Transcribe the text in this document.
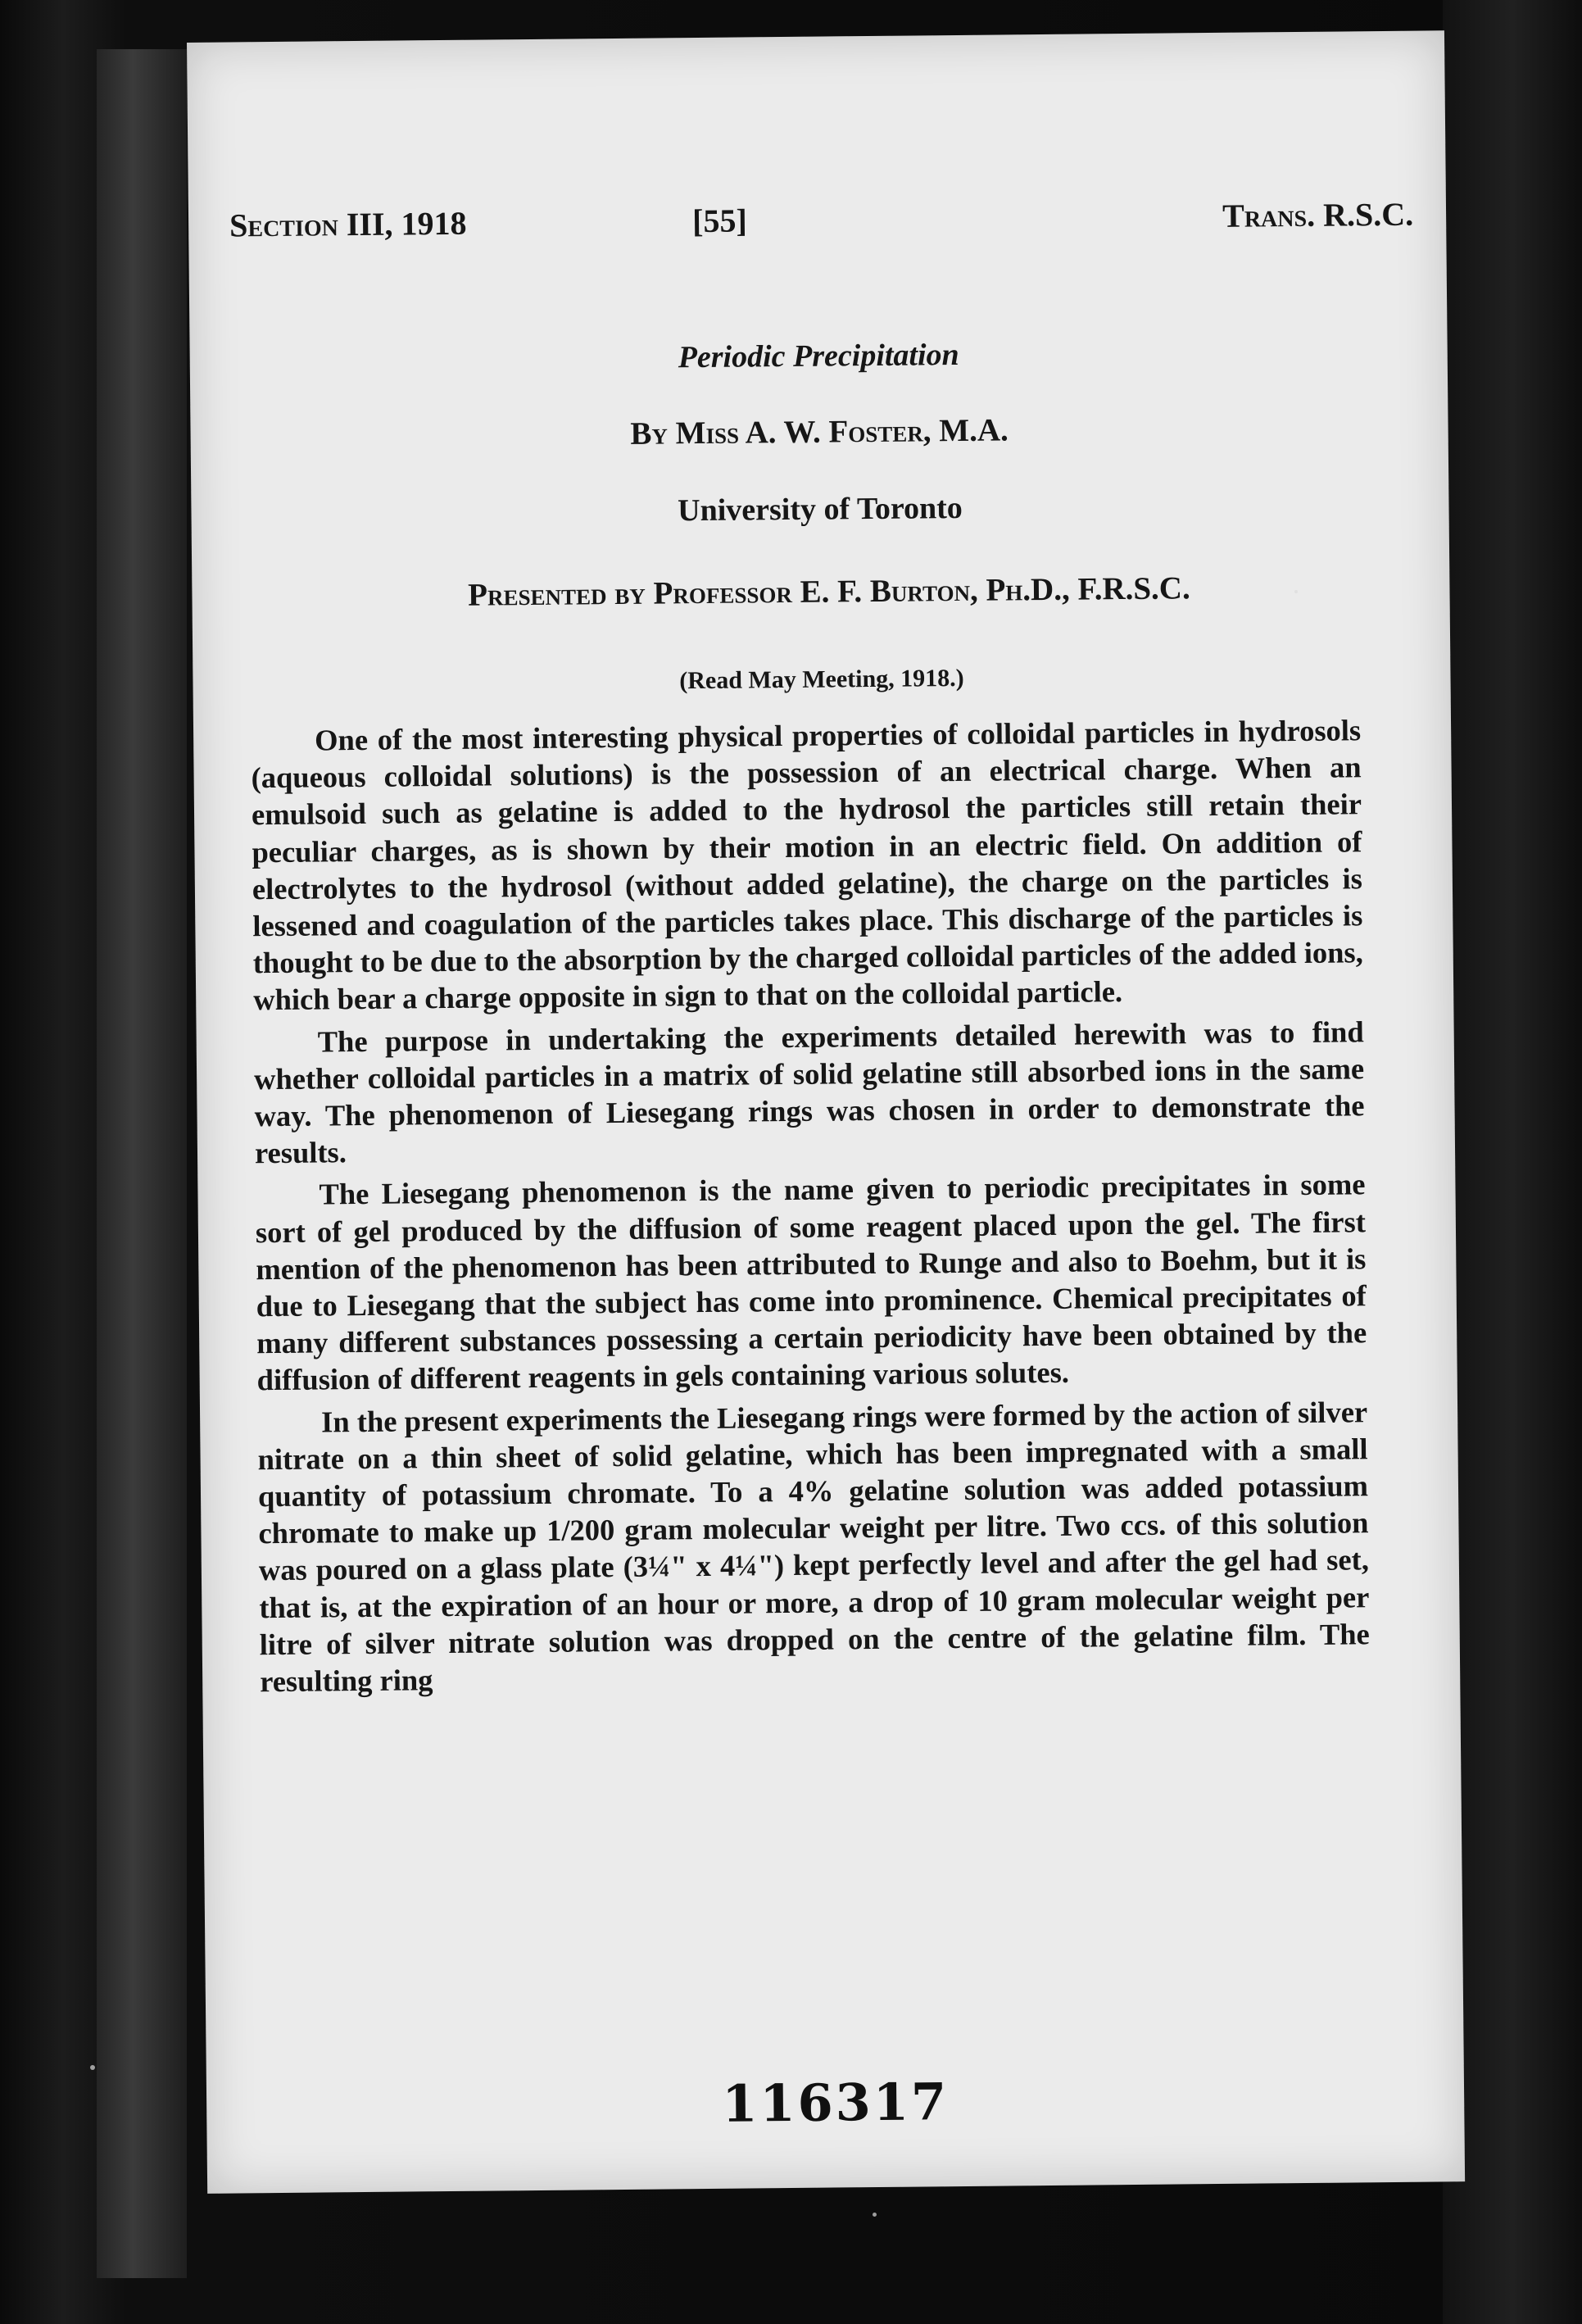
Section III, 1918	[55]	Trans. R.S.C.
Periodic Precipitation
By Miss A. W. Foster, M.A.
University of Toronto
Presented by Professor E. F. Burton, Ph.D., F.R.S.C.
(Read May Meeting, 1918.)

One of the most interesting physical properties of colloidal particles in hydrosols (aqueous colloidal solutions) is the possession of an electrical charge. When an emulsoid such as gelatine is added to the hydrosol the particles still retain their peculiar charges, as is shown by their motion in an electric field. On addition of electrolytes to the hydrosol (without added gelatine), the charge on the particles is lessened and coagulation of the particles takes place. This discharge of the particles is thought to be due to the absorption by the charged colloidal particles of the added ions, which bear a charge opposite in sign to that on the colloidal particle.

The purpose in undertaking the experiments detailed herewith was to find whether colloidal particles in a matrix of solid gelatine still absorbed ions in the same way. The phenomenon of Liesegang rings was chosen in order to demonstrate the results.

The Liesegang phenomenon is the name given to periodic precipitates in some sort of gel produced by the diffusion of some reagent placed upon the gel. The first mention of the phenomenon has been attributed to Runge and also to Boehm, but it is due to Liesegang that the subject has come into prominence. Chemical precipitates of many different substances possessing a certain periodicity have been obtained by the diffusion of different reagents in gels containing various solutes.

In the present experiments the Liesegang rings were formed by the action of silver nitrate on a thin sheet of solid gelatine, which has been impregnated with a small quantity of potassium chromate. To a 4% gelatine solution was added potassium chromate to make up 1/200 gram molecular weight per litre. Two ccs. of this solution was poured on a glass plate (3¼" x 4¼") kept perfectly level and after the gel had set, that is, at the expiration of an hour or more, a drop of 10 gram molecular weight per litre of silver nitrate solution was dropped on the centre of the gelatine film. The resulting ring

116317
